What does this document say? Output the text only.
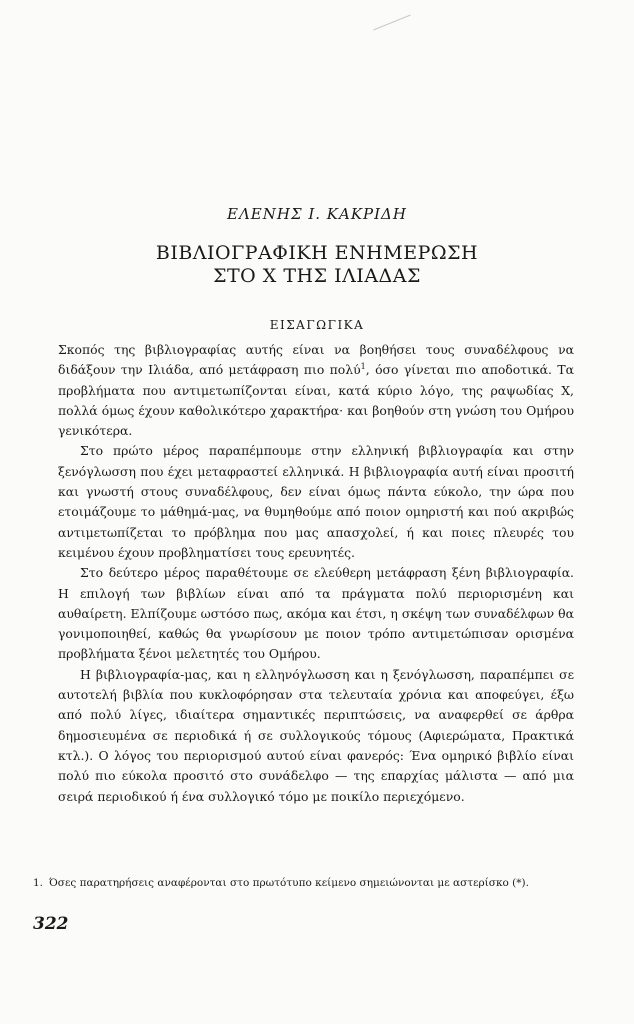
ΕΛΕΝΗΣ Ι. ΚΑΚΡΙΔΗ
ΒΙΒΛΙΟΓΡΑΦΙΚΗ ΕΝΗΜΕΡΩΣΗ
ΣΤΟ Χ ΤΗΣ ΙΛΙΑΔΑΣ
ΕΙΣΑΓΩΓΙΚΑ

Σκοπός της βιβλιογραφίας αυτής είναι να βοηθήσει τους συναδέλφους να διδάξουν την Ιλιάδα, από μετάφραση πιο πολύ$^1$, όσο γίνεται πιο αποδοτικά. Τα προβλήματα που αντιμετωπίζονται είναι, κατά κύριο λόγο, της ραψωδίας Χ, πολλά όμως έχουν καθολικότερο χαρακτήρα· και βοηθούν στη γνώση του Ομήρου γενικότερα.

Στο πρώτο μέρος παραπέμπουμε στην ελληνική βιβλιογραφία και στην ξενόγλωσση που έχει μεταφραστεί ελληνικά. Η βιβλιογραφία αυτή είναι προσιτή και γνωστή στους συναδέλφους, δεν είναι όμως πάντα εύκολο, την ώρα που ετοιμάζουμε το μάθημά-μας, να θυμηθούμε από ποιον ομηριστή και πού ακριβώς αντιμετωπίζεται το πρόβλημα που μας απασχολεί, ή και ποιες πλευρές του κειμένου έχουν προβληματίσει τους ερευνητές.

Στο δεύτερο μέρος παραθέτουμε σε ελεύθερη μετάφραση ξένη βιβλιογραφία. Η επιλογή των βιβλίων είναι από τα πράγματα πολύ περιορισμένη και αυθαίρετη. Ελπίζουμε ωστόσο πως, ακόμα και έτσι, η σκέψη των συναδέλφων θα γονιμοποιηθεί, καθώς θα γνωρίσουν με ποιον τρόπο αντιμετώπισαν ορισμένα προβλήματα ξένοι μελετητές του Ομήρου.

Η βιβλιογραφία-μας, και η ελληνόγλωσση και η ξενόγλωσση, παραπέμπει σε αυτοτελή βιβλία που κυκλοφόρησαν στα τελευταία χρόνια και αποφεύγει, έξω από πολύ λίγες, ιδιαίτερα σημαντικές περιπτώσεις, να αναφερθεί σε άρθρα δημοσιευμένα σε περιοδικά ή σε συλλογικούς τόμους (Αφιερώματα, Πρακτικά κτλ.). Ο λόγος του περιορισμού αυτού είναι φανερός: Ένα ομηρικό βιβλίο είναι πολύ πιο εύκολα προσιτό στο συνάδελφο — της επαρχίας μάλιστα — από μια σειρά περιοδικού ή ένα συλλογικό τόμο με ποικίλο περιεχόμενο.

1. Όσες παρατηρήσεις αναφέρονται στο πρωτότυπο κείμενο σημειώνονται με αστερίσκο (*).
322
